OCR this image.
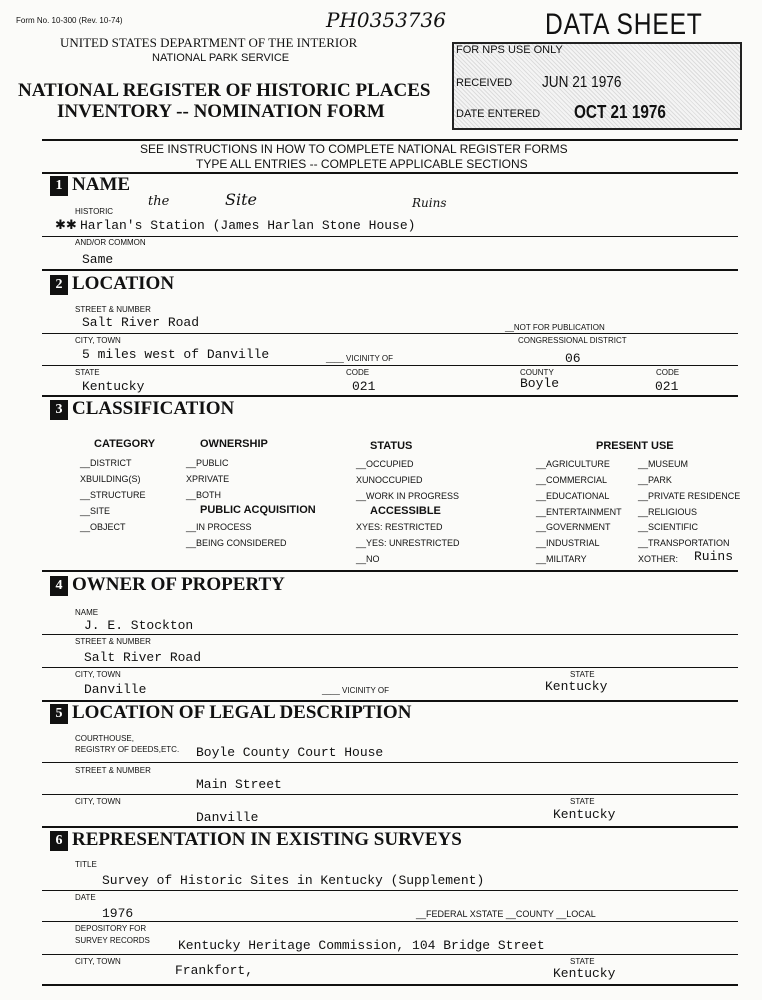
Form No. 10-300 (Rev. 10-74)	PH0353736	DATA SHEET
UNITED STATES DEPARTMENT OF THE INTERIOR
NATIONAL PARK SERVICE
NATIONAL REGISTER OF HISTORIC PLACES
INVENTORY -- NOMINATION FORM
FOR NPS USE ONLY
RECEIVED JUN 21 1976
DATE ENTERED OCT 21 1976
SEE INSTRUCTIONS IN HOW TO COMPLETE NATIONAL REGISTER FORMS
TYPE ALL ENTRIES -- COMPLETE APPLICABLE SECTIONS
1 NAME
the	Site	Ruins
HISTORIC
✱✱ Harlan's Station (James Harlan Stone House)
AND/OR COMMON
Same
2 LOCATION
STREET & NUMBER
Salt River Road	__NOT FOR PUBLICATION
CITY, TOWN	CONGRESSIONAL DISTRICT
5 miles west of Danville	____ VICINITY OF	06
STATE	CODE	COUNTY	CODE
Kentucky	021	Boyle	021
3 CLASSIFICATION
CATEGORY
__DISTRICT
XBUILDING(S)
__STRUCTURE
__SITE
__OBJECT
OWNERSHIP
__PUBLIC
XPRIVATE
__BOTH
PUBLIC ACQUISITION
__IN PROCESS
__BEING CONSIDERED
STATUS
__OCCUPIED
XUNOCCUPIED
__WORK IN PROGRESS
ACCESSIBLE
XYES: RESTRICTED
__YES: UNRESTRICTED
__NO
PRESENT USE
__AGRICULTURE
__COMMERCIAL
__EDUCATIONAL
__ENTERTAINMENT
__GOVERNMENT
__INDUSTRIAL
__MILITARY
__MUSEUM
__PARK
__PRIVATE RESIDENCE
__RELIGIOUS
__SCIENTIFIC
__TRANSPORTATION
XOTHER: Ruins
4 OWNER OF PROPERTY
NAME
J. E. Stockton
STREET & NUMBER
Salt River Road
CITY, TOWN	STATE
Danville	____ VICINITY OF	Kentucky
5 LOCATION OF LEGAL DESCRIPTION
COURTHOUSE,
REGISTRY OF DEEDS,ETC. Boyle County Court House
STREET & NUMBER
Main Street
CITY, TOWN	STATE
Danville	Kentucky
6 REPRESENTATION IN EXISTING SURVEYS
TITLE
Survey of Historic Sites in Kentucky (Supplement)
DATE
1976	__FEDERAL XSTATE __COUNTY __LOCAL
DEPOSITORY FOR
SURVEY RECORDS Kentucky Heritage Commission, 104 Bridge Street
CITY, TOWN	STATE
Frankfort,	Kentucky
